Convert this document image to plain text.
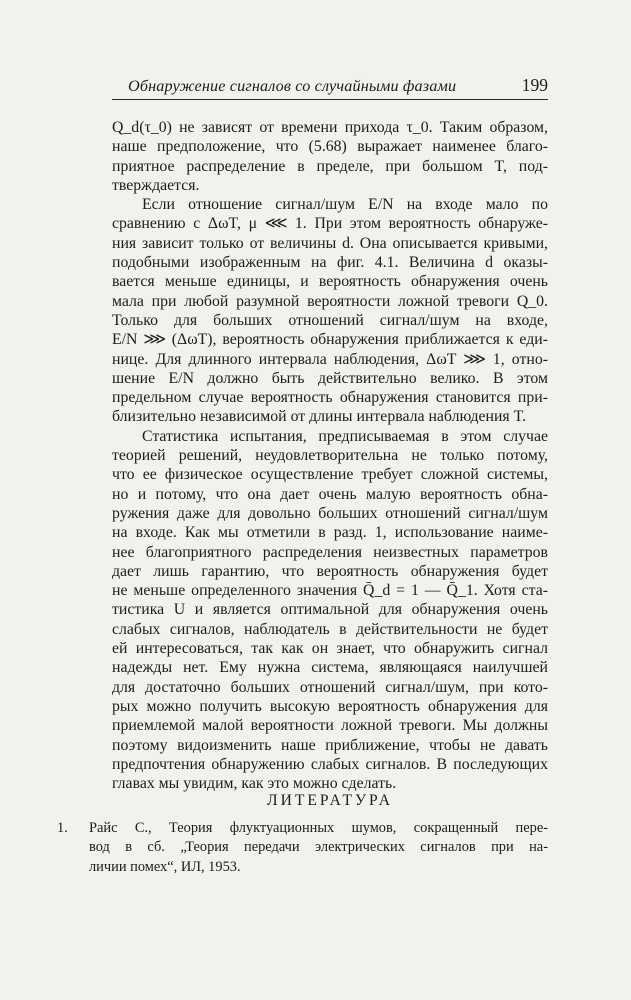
Обнаружение сигналов со случайными фазами	199

Q_d(τ_0) не зависят от времени прихода τ_0. Таким образом,
наше предположение, что (5.68) выражает наименее благо-
приятное распределение в пределе, при большом T, под-
тверждается.

Если отношение сигнал/шум E/N на входе мало по
сравнению с ΔωT, μ ⋘ 1. При этом вероятность обнаруже-
ния зависит только от величины d. Она описывается кривыми,
подобными изображенным на фиг. 4.1. Величина d оказы-
вается меньше единицы, и вероятность обнаружения очень
мала при любой разумной вероятности ложной тревоги Q_0.
Только для больших отношений сигнал/шум на входе,
E/N ⋙ (ΔωT), вероятность обнаружения приближается к еди-
нице. Для длинного интервала наблюдения, ΔωT ⋙ 1, отно-
шение E/N должно быть действительно велико. В этом
предельном случае вероятность обнаружения становится при-
близительно независимой от длины интервала наблюдения T.

Статистика испытания, предписываемая в этом случае
теорией решений, неудовлетворительна не только потому,
что ее физическое осуществление требует сложной системы,
но и потому, что она дает очень малую вероятность обна-
ружения даже для довольно больших отношений сигнал/шум
на входе. Как мы отметили в разд. 1, использование наиме-
нее благоприятного распределения неизвестных параметров
дает лишь гарантию, что вероятность обнаружения будет
не меньше определенного значения Q̄_d = 1 — Q̄_1. Хотя ста-
тистика U и является оптимальной для обнаружения очень
слабых сигналов, наблюдатель в действительности не будет
ей интересоваться, так как он знает, что обнаружить сигнал
надежды нет. Ему нужна система, являющаяся наилучшей
для достаточно больших отношений сигнал/шум, при кото-
рых можно получить высокую вероятность обнаружения для
приемлемой малой вероятности ложной тревоги. Мы должны
поэтому видоизменить наше приближение, чтобы не давать
предпочтения обнаружению слабых сигналов. В последующих
главах мы увидим, как это можно сделать.

ЛИТЕРАТУРА
1. Райс С., Теория флуктуационных шумов, сокращенный пере-
вод в сб. „Теория передачи электрических сигналов при на-
личии помех“, ИЛ, 1953.
